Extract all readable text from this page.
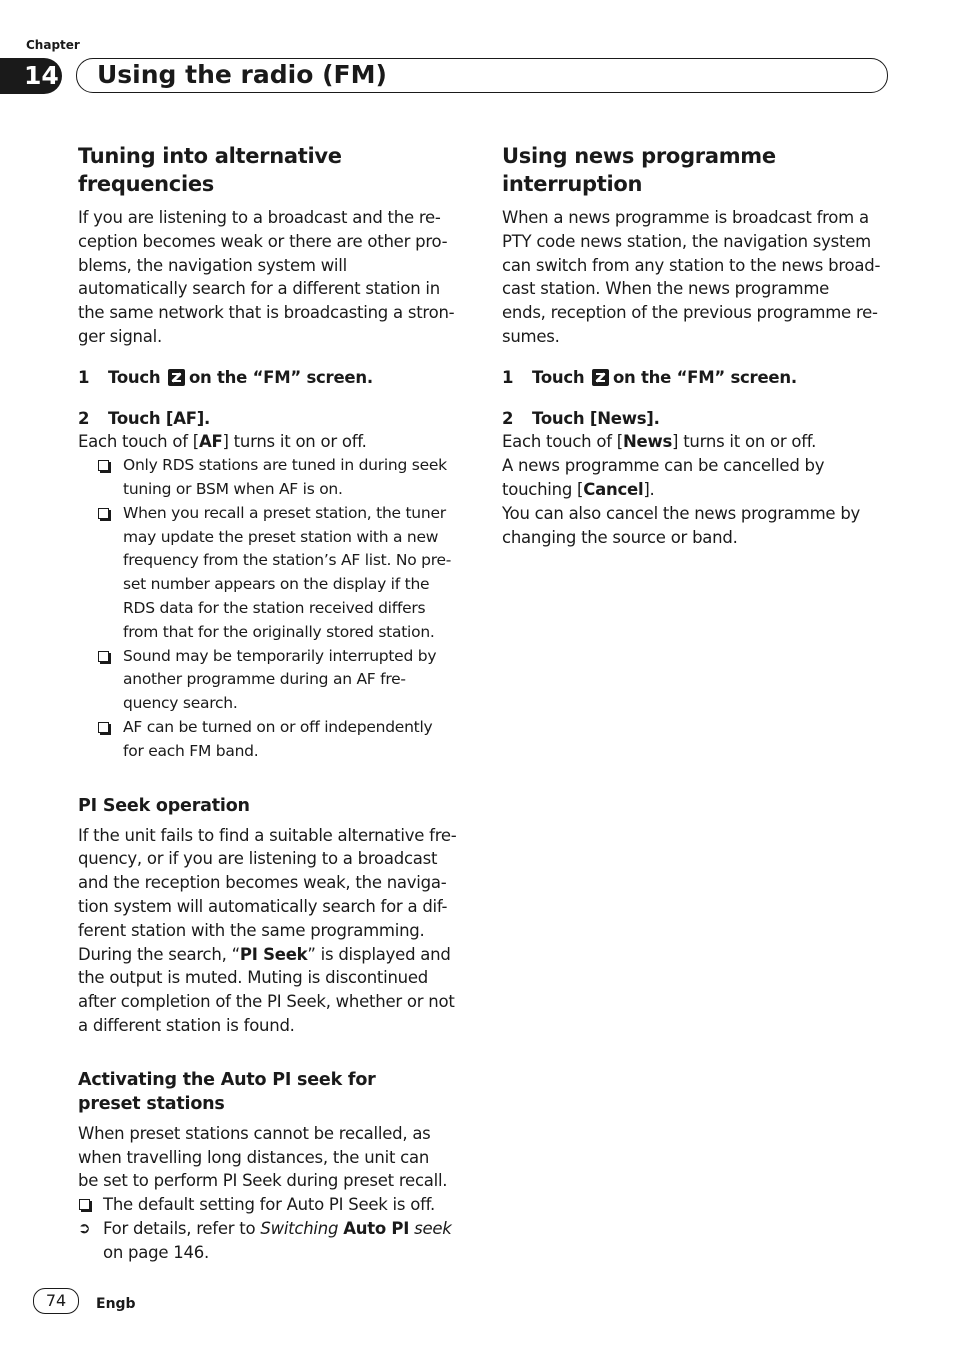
Chapter
14 Using the radio (FM)
Tuning into alternative frequencies

If you are listening to a broadcast and the re-

ception becomes weak or there are other pro-

blems, the navigation system will

automatically search for a different station in

the same network that is broadcasting a stron-

ger signal.

1 Touch on the “FM” screen.

2 Touch [AF].

Each touch of [AF] turns it on or off.

Only RDS stations are tuned in during seek
tuning or BSM when AF is on.
When you recall a preset station, the tuner
may update the preset station with a new
frequency from the station’s AF list. No pre-
set number appears on the display if the
RDS data for the station received differs
from that for the originally stored station.
Sound may be temporarily interrupted by
another programme during an AF fre-
quency search.
AF can be turned on or off independently
for each FM band.
PI Seek operation

If the unit fails to find a suitable alternative fre-

quency, or if you are listening to a broadcast

and the reception becomes weak, the naviga-

tion system will automatically search for a dif-

ferent station with the same programming.

During the search, “PI Seek” is displayed and

the output is muted. Muting is discontinued

after completion of the PI Seek, whether or not

a different station is found.

Activating the Auto PI seek for
preset stations

When preset stations cannot be recalled, as

when travelling long distances, the unit can

be set to perform PI Seek during preset recall.

The default setting for Auto PI Seek is off.
➲ For details, refer to Switching Auto PI seek
on page 146.
Using news programme
interruption

When a news programme is broadcast from a

PTY code news station, the navigation system

can switch from any station to the news broad-

cast station. When the news programme

ends, reception of the previous programme re-

sumes.

1 Touch on the “FM” screen.

2 Touch [News].

Each touch of [News] turns it on or off.

A news programme can be cancelled by

touching [Cancel].

You can also cancel the news programme by

changing the source or band.

74	Engb
